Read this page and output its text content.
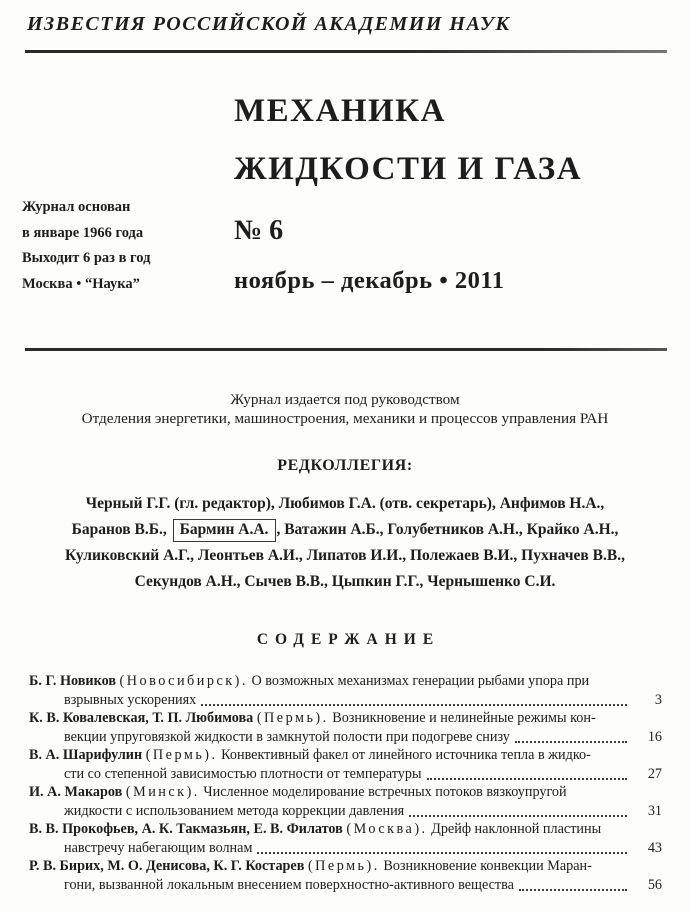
ИЗВЕСТИЯ РОССИЙСКОЙ АКАДЕМИИ НАУК
МЕХАНИКА
ЖИДКОСТИ И ГАЗА
Журнал основан
в январе 1966 года
Выходит 6 раз в год
Москва • “Наука”
№ 6
ноябрь – декабрь • 2011
Журнал издается под руководством
Отделения энергетики, машиностроения, механики и процессов управления РАН
РЕДКОЛЛЕГИЯ:
Черный Г.Г. (гл. редактор), Любимов Г.А. (отв. секретарь), Анфимов Н.А.,
Баранов В.Б., Бармин А.А. , Ватажин А.Б., Голубетников А.Н., Крайко А.Н.,
Куликовский А.Г., Леонтьев А.И., Липатов И.И., Полежаев В.И., Пухначев В.В.,
Секундов А.Н., Сычев В.В., Цыпкин Г.Г., Чернышенко С.И.
СОДЕРЖАНИЕ
Б. Г. Новиков (Новосибирск). О возможных механизмах генерации рыбами упора при
взрывных ускорениях	3
К. В. Ковалевская, Т. П. Любимова (Пермь). Возникновение и нелинейные режимы кон-
векции упруговязкой жидкости в замкнутой полости при подогреве снизу	16
В. А. Шарифулин (Пермь). Конвективный факел от линейного источника тепла в жидко-
сти со степенной зависимостью плотности от температуры	27
И. А. Макаров (Минск). Численное моделирование встречных потоков вязкоупругой
жидкости с использованием метода коррекции давления	31
В. В. Прокофьев, А. К. Такмазьян, Е. В. Филатов (Москва). Дрейф наклонной пластины
навстречу набегающим волнам	43
Р. В. Бирих, М. О. Денисова, К. Г. Костарев (Пермь). Возникновение конвекции Маран-
гони, вызванной локальным внесением поверхностно-активного вещества	56
